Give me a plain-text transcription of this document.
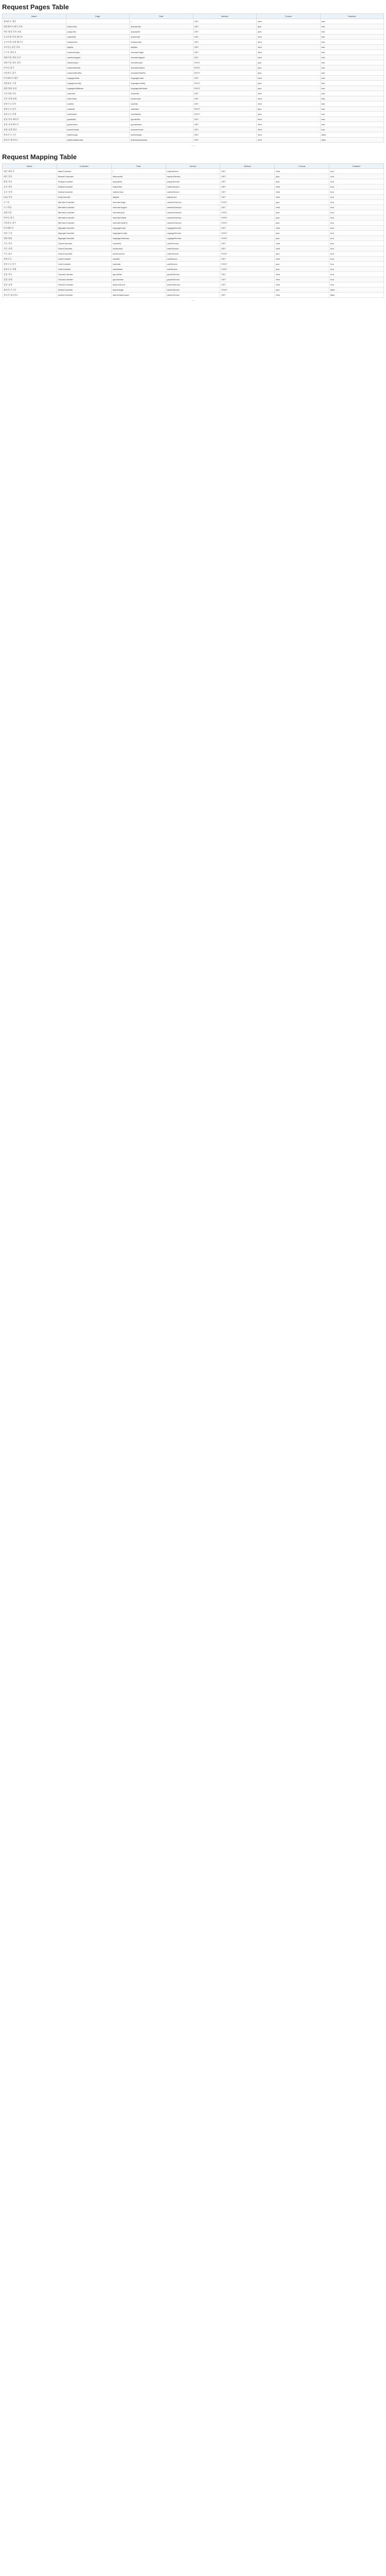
Request Pages Table
Name	Page	Path	Method	Format	Enabled
홈페이지 메인		/	GET	html	true
메인페이지 배너 목록	banner/list	/banner/list	GET	json	true
메인 팝업 목록 조회	popup/list	/popup/list	GET	json	true
공지사항 목록 페이지	notice/list	/notice/list	GET	html	true
공지사항 상세 페이지	notice/view	/notice/view	GET	html	true
자주묻는질문 목록	faq/list	/faq/list	GET	html	true
로그인 페이지	member/login	/member/login	GET	html	true
회원가입 약관 동의	member/agree	/member/agree	GET	html	true
회원가입 정보 입력	member/join	/member/join	POST	json	true
아이디 찾기	member/findId	/member/findId	POST	json	true
비밀번호 찾기	member/findPw	/member/findPw	POST	json	true
마이페이지 메인	mypage/main	/mypage/main	GET	html	true
회원정보 수정	mypage/modify	/mypage/modify	POST	json	true
회원 탈퇴 처리	mypage/withdraw	/mypage/withdraw	POST	json	true
주문내역 목록	order/list	/order/list	GET	html	true
주문 상세 조회	order/view	/order/view	GET	html	true
장바구니 목록	cart/list	/cart/list	GET	html	true
장바구니 담기	cart/add	/cart/add	POST	json	true
장바구니 삭제	cart/delete	/cart/delete	POST	json	true
상품 목록 페이지	goods/list	/goods/list	GET	html	true
상품 상세 페이지	goods/view	/goods/view	GET	html	true
상품 검색 결과	search/result	/search/result	GET	html	true
관리자 로그인	admin/login	/admin/login	GET	html	false
관리자 대시보드	admin/dashboard	/admin/dashboard	GET	html	false
…
Request Mapping Table
Name	Controller	Path	Service	Method	Format	Enabled
메인 페이지	MainController	/	mainService	GET	html	true
배너 목록	BannerController	/banner/list	bannerService	GET	json	true
팝업 목록	PopupController	/popup/list	popupService	GET	json	true
공지 목록	NoticeController	/notice/list	noticeService	GET	html	true
공지 상세	NoticeController	/notice/view	noticeService	GET	html	true
FAQ 목록	FaqController	/faq/list	faqService	GET	html	true
로그인	MemberController	/member/login	memberService	POST	json	true
로그아웃	MemberController	/member/logout	memberService	GET	html	true
회원가입	MemberController	/member/join	memberService	POST	json	true
아이디 찾기	MemberController	/member/findId	memberService	POST	json	true
비밀번호 찾기	MemberController	/member/findPw	memberService	POST	json	true
마이페이지	MypageController	/mypage/main	mypageService	GET	html	true
정보 수정	MypageController	/mypage/modify	mypageService	POST	json	true
회원 탈퇴	MypageController	/mypage/withdraw	mypageService	POST	json	true
주문 목록	OrderController	/order/list	orderService	GET	html	true
주문 상세	OrderController	/order/view	orderService	GET	html	true
주문 취소	OrderController	/order/cancel	orderService	POST	json	true
장바구니	CartController	/cart/list	cartService	GET	html	true
장바구니 담기	CartController	/cart/add	cartService	POST	json	true
장바구니 삭제	CartController	/cart/delete	cartService	POST	json	true
상품 목록	GoodsController	/goods/list	goodsService	GET	html	true
상품 상세	GoodsController	/goods/view	goodsService	GET	html	true
상품 검색	SearchController	/search/result	searchService	GET	html	true
관리자 로그인	AdminController	/admin/login	adminService	POST	json	false
관리자 대시보드	AdminController	/admin/dashboard	adminService	GET	html	false
…
